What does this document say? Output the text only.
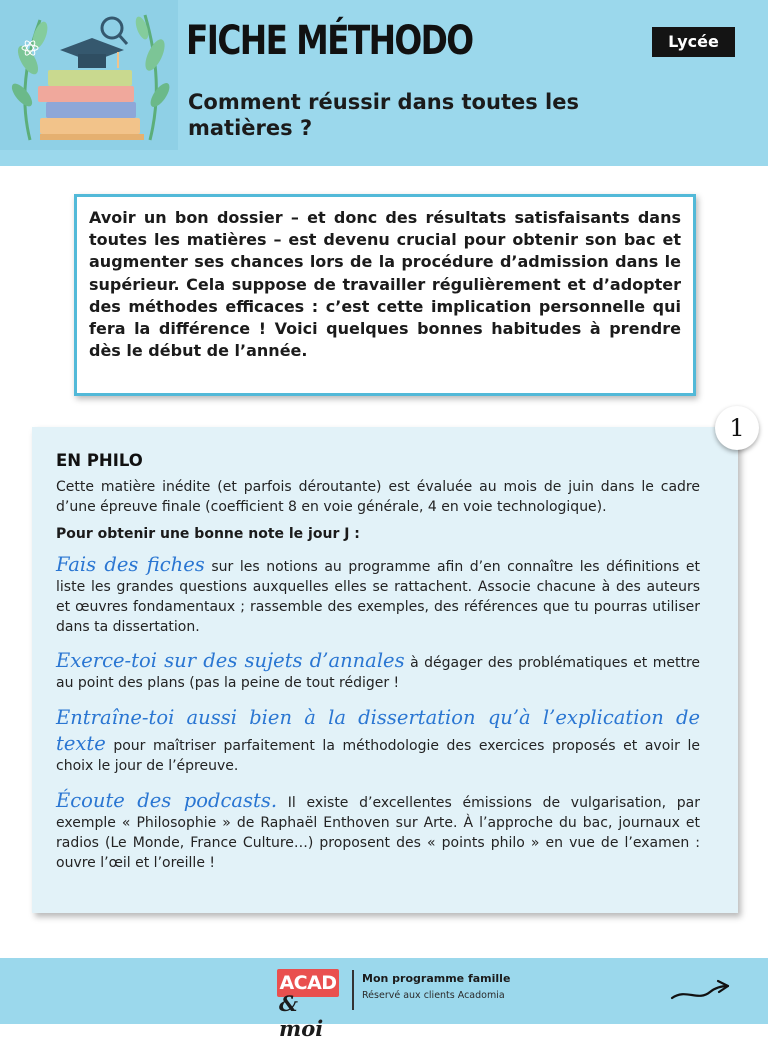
FICHE MÉTHODO
Comment réussir dans toutes les matières ?
Lycée

Avoir un bon dossier – et donc des résultats satisfaisants dans toutes les matières – est devenu crucial pour obtenir son bac et augmenter ses chances lors de la procédure d’admission dans le supérieur. Cela suppose de travailler régulièrement et d’adopter des méthodes efficaces : c’est cette implication personnelle qui fera la différence ! Voici quelques bonnes habitudes à prendre dès le début de l’année.

1
EN PHILO
Cette matière inédite (et parfois déroutante) est évaluée au mois de juin dans le cadre d’une épreuve finale (coefficient 8 en voie générale, 4 en voie technologique).
Pour obtenir une bonne note le jour J :
Fais des fiches sur les notions au programme afin d’en connaître les définitions et liste les grandes questions auxquelles elles se rattachent. Associe chacune à des auteurs et œuvres fondamentaux ; rassemble des exemples, des références que tu pourras utiliser dans ta dissertation.
Exerce-toi sur des sujets d’annales à dégager des problématiques et mettre au point des plans (pas la peine de tout rédiger !
Entraîne-toi aussi bien à la dissertation qu’à l’explication de texte pour maîtriser parfaitement la méthodologie des exercices proposés et avoir le choix le jour de l’épreuve.
Écoute des podcasts. Il existe d’excellentes émissions de vulgarisation, par exemple « Philosophie » de Raphaël Enthoven sur Arte. À l’approche du bac, journaux et radios (Le Monde, France Culture…) proposent des « points philo » en vue de l’examen : ouvre l’œil et l’oreille !
ACAD
& moi
Mon programme famille
Réservé aux clients Acadomia
